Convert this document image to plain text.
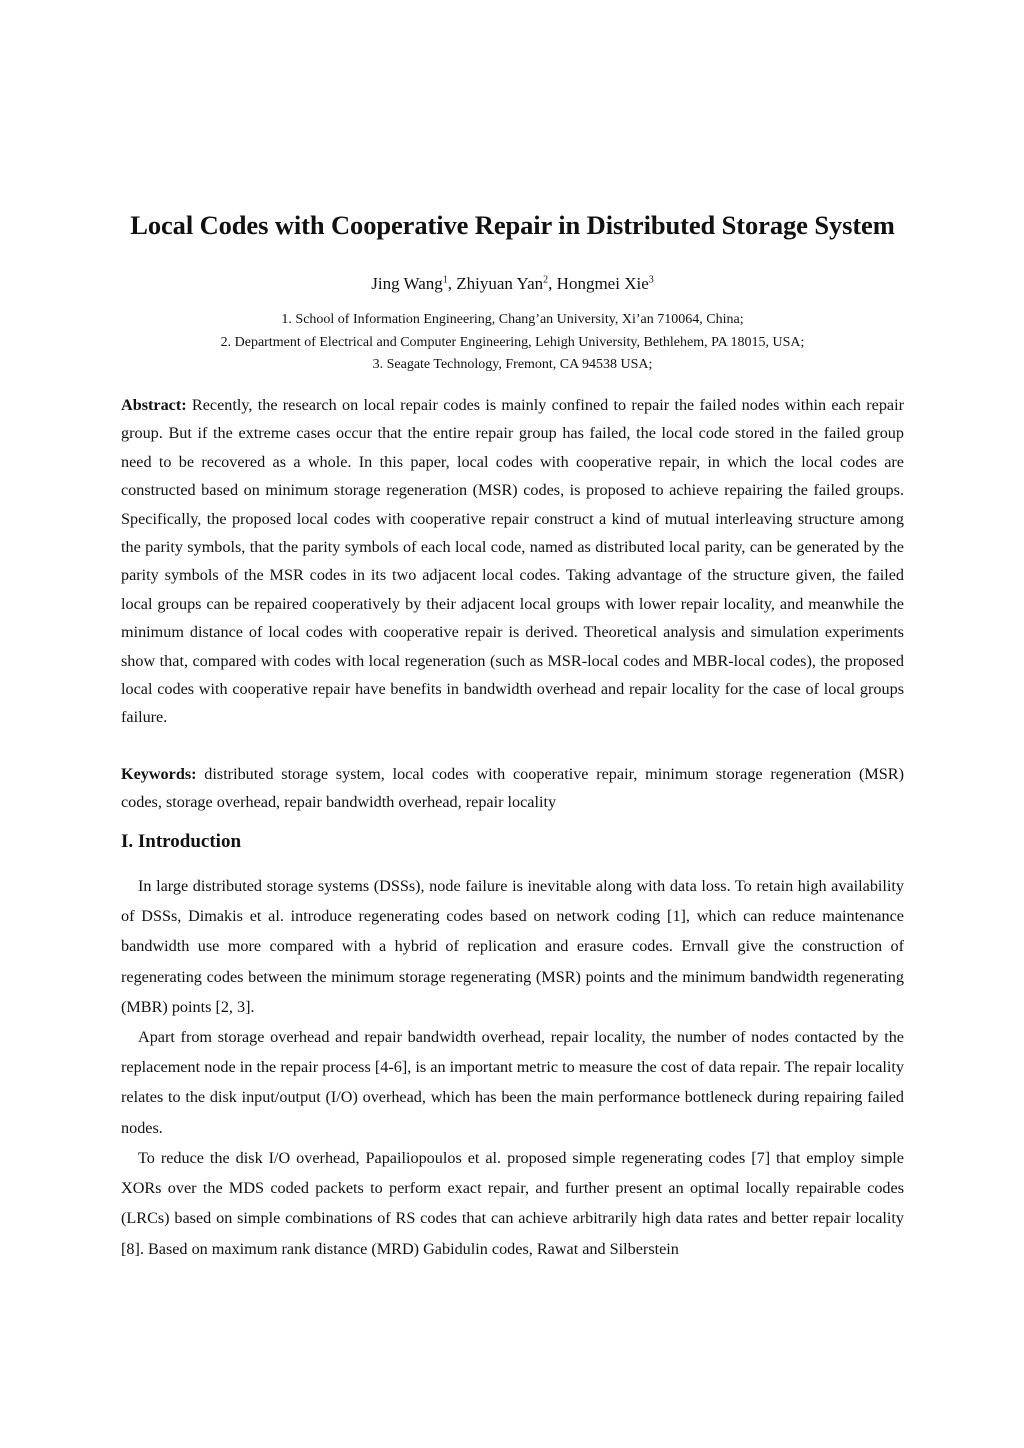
Local Codes with Cooperative Repair in Distributed Storage System
Jing Wang$^1$, Zhiyuan Yan$^2$, Hongmei Xie$^3$
1. School of Information Engineering, Chang’an University, Xi’an 710064, China;
2. Department of Electrical and Computer Engineering, Lehigh University, Bethlehem, PA 18015, USA;
3. Seagate Technology, Fremont, CA 94538 USA;
Abstract: Recently, the research on local repair codes is mainly confined to repair the failed nodes within each repair group. But if the extreme cases occur that the entire repair group has failed, the local code stored in the failed group need to be recovered as a whole. In this paper, local codes with cooperative repair, in which the local codes are constructed based on minimum storage regeneration (MSR) codes, is proposed to achieve repairing the failed groups. Specifically, the proposed local codes with cooperative repair construct a kind of mutual interleaving structure among the parity symbols, that the parity symbols of each local code, named as distributed local parity, can be generated by the parity symbols of the MSR codes in its two adjacent local codes. Taking advantage of the structure given, the failed local groups can be repaired cooperatively by their adjacent local groups with lower repair locality, and meanwhile the minimum distance of local codes with cooperative repair is derived. Theoretical analysis and simulation experiments show that, compared with codes with local regeneration (such as MSR-local codes and MBR-local codes), the proposed local codes with cooperative repair have benefits in bandwidth overhead and repair locality for the case of local groups failure.
Keywords: distributed storage system, local codes with cooperative repair, minimum storage regeneration (MSR) codes, storage overhead, repair bandwidth overhead, repair locality
I. Introduction
In large distributed storage systems (DSSs), node failure is inevitable along with data loss. To retain high availability of DSSs, Dimakis et al. introduce regenerating codes based on network coding [1], which can reduce maintenance bandwidth use more compared with a hybrid of replication and erasure codes. Ernvall give the construction of regenerating codes between the minimum storage regenerating (MSR) points and the minimum bandwidth regenerating (MBR) points [2, 3].
Apart from storage overhead and repair bandwidth overhead, repair locality, the number of nodes contacted by the replacement node in the repair process [4-6], is an important metric to measure the cost of data repair. The repair locality relates to the disk input/output (I/O) overhead, which has been the main performance bottleneck during repairing failed nodes.
To reduce the disk I/O overhead, Papailiopoulos et al. proposed simple regenerating codes [7] that employ simple XORs over the MDS coded packets to perform exact repair, and further present an optimal locally repairable codes (LRCs) based on simple combinations of RS codes that can achieve arbitrarily high data rates and better repair locality [8]. Based on maximum rank distance (MRD) Gabidulin codes, Rawat and Silberstein
